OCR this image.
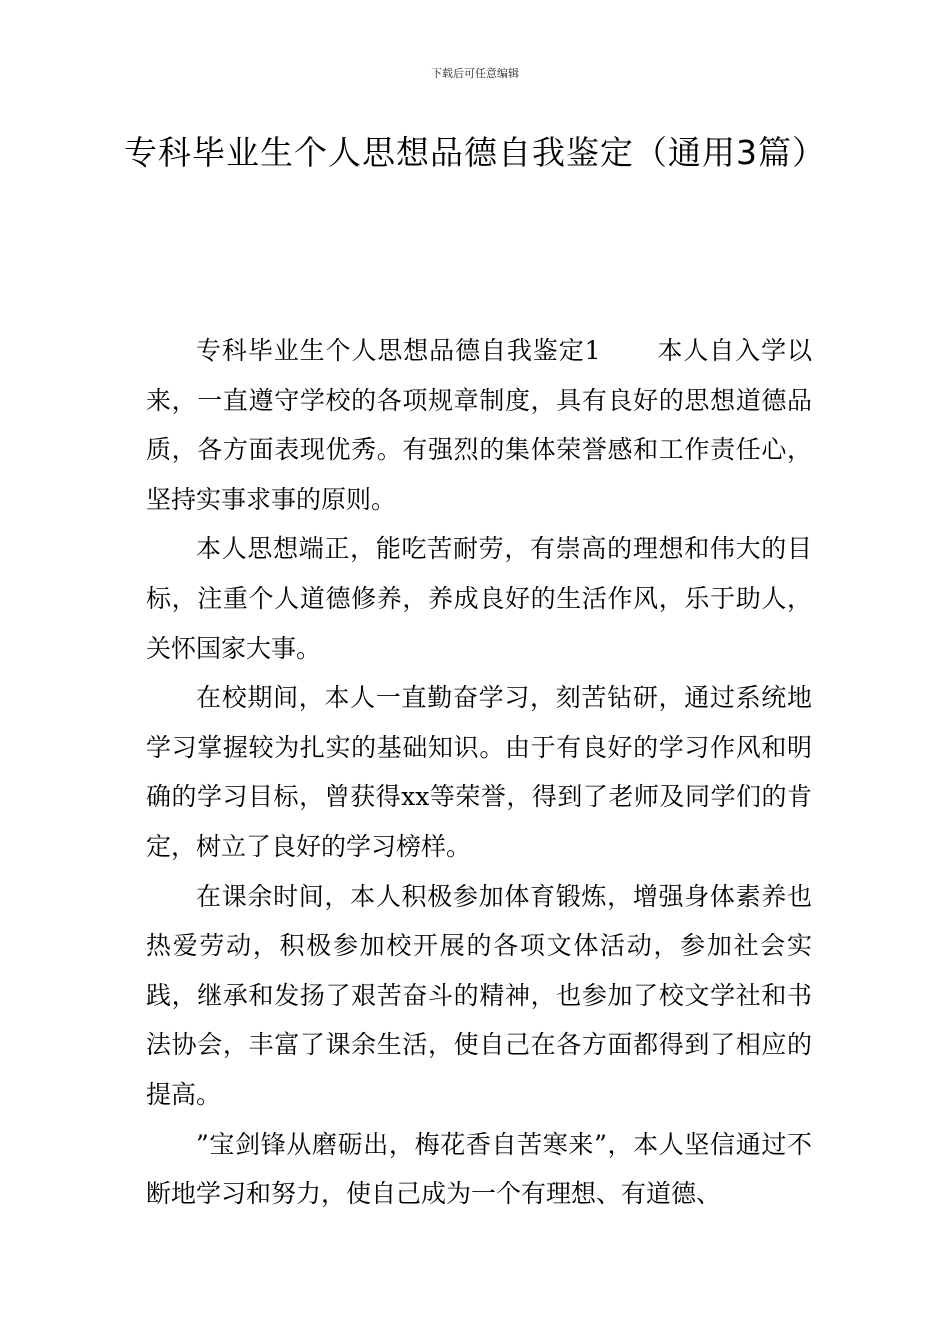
下载后可任意编辑
专科毕业生个人思想品德自我鉴定（通用3篇）

专科毕业生个人思想品德自我鉴定1 本人自入学以来，一直遵守学校的各项规章制度，具有良好的思想道德品质，各方面表现优秀。有强烈的集体荣誉感和工作责任心，坚持实事求事的原则。

本人思想端正，能吃苦耐劳，有崇高的理想和伟大的目标，注重个人道德修养，养成良好的生活作风，乐于助人，关怀国家大事。

在校期间，本人一直勤奋学习，刻苦钻研，通过系统地学习掌握较为扎实的基础知识。由于有良好的学习作风和明确的学习目标，曾获得xx等荣誉，得到了老师及同学们的肯定，树立了良好的学习榜样。

在课余时间，本人积极参加体育锻炼，增强身体素养也热爱劳动，积极参加校开展的各项文体活动，参加社会实践，继承和发扬了艰苦奋斗的精神，也参加了校文学社和书法协会，丰富了课余生活，使自己在各方面都得到了相应的提高。

”宝剑锋从磨砺出，梅花香自苦寒来”，本人坚信通过不断地学习和努力，使自己成为一个有理想、有道德、
